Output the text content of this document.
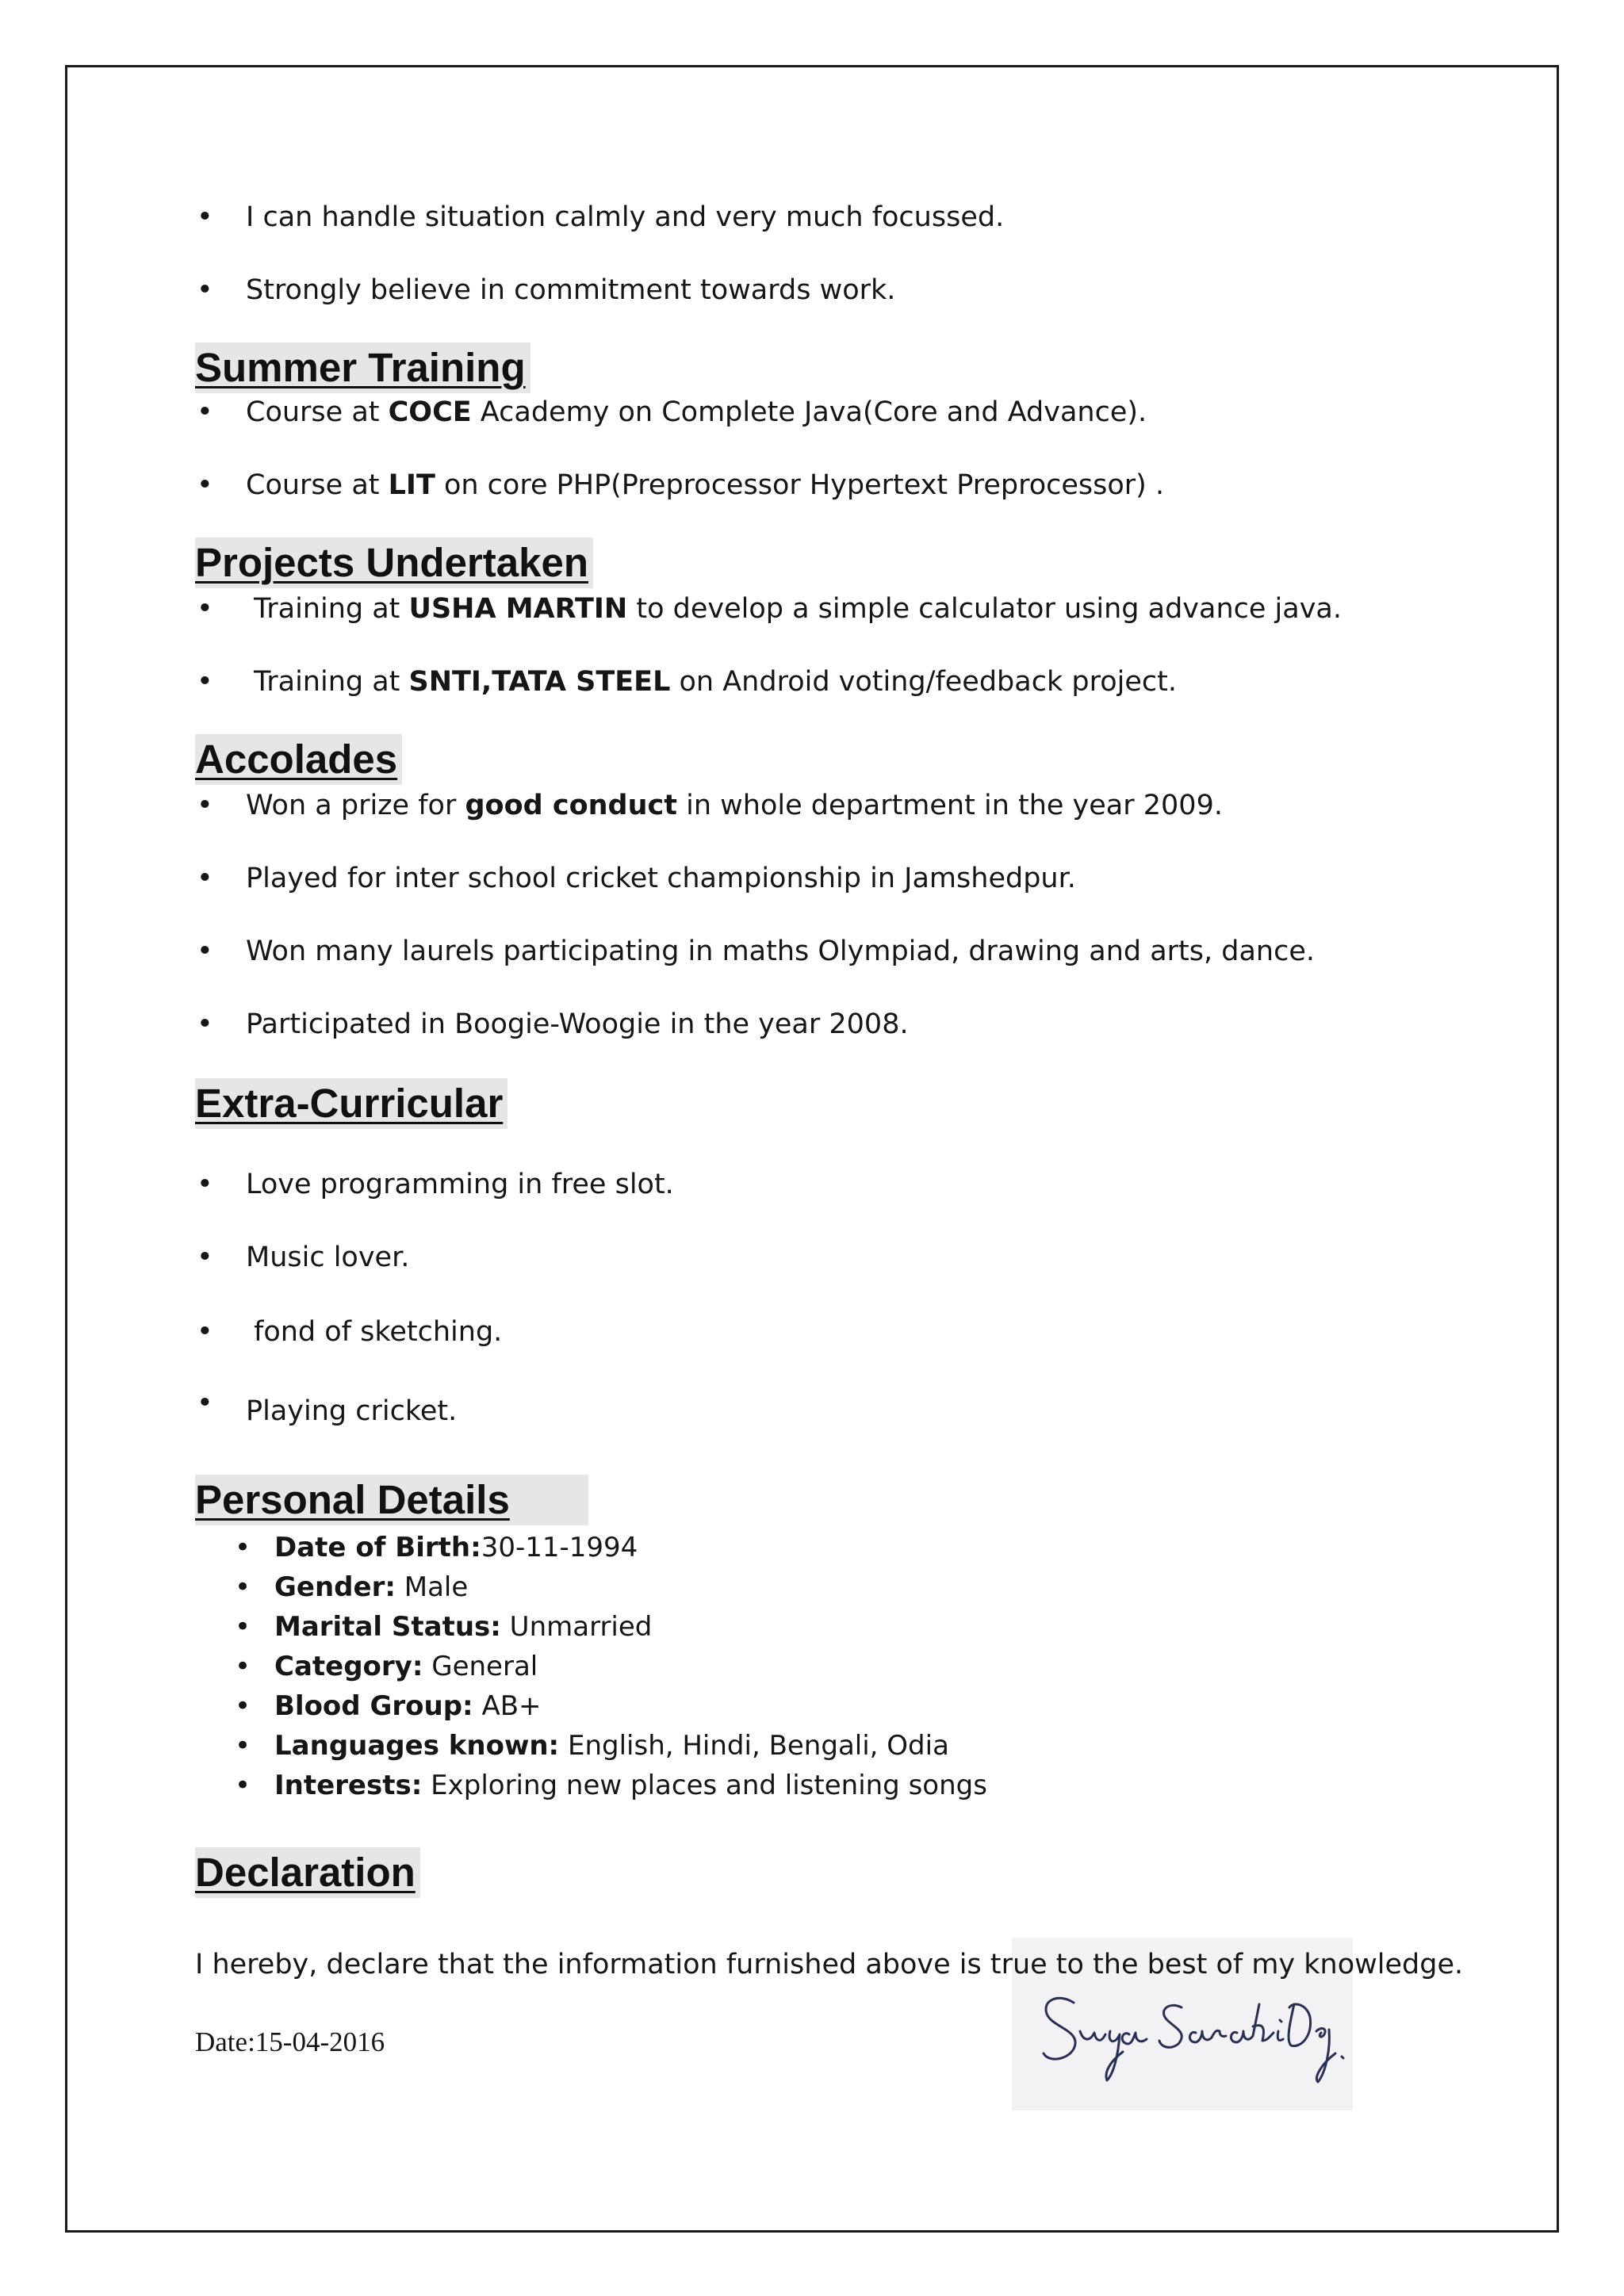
• I can handle situation calmly and very much focussed.
• Strongly believe in commitment towards work.
Summer Training
• Course at COCE Academy on Complete Java(Core and Advance).
• Course at LIT on core PHP(Preprocessor Hypertext Preprocessor) .
Projects Undertaken
• Training at USHA MARTIN to develop a simple calculator using advance java.
• Training at SNTI,TATA STEEL on Android voting/feedback project.
Accolades
• Won a prize for good conduct in whole department in the year 2009.
• Played for inter school cricket championship in Jamshedpur.
• Won many laurels participating in maths Olympiad, drawing and arts, dance.
• Participated in Boogie-Woogie in the year 2008.
Extra-Curricular
• Love programming in free slot.
• Music lover.
• fond of sketching.
• Playing cricket.
Personal Details
• Date of Birth:30-11-1994
• Gender: Male
• Marital Status: Unmarried
• Category: General
• Blood Group: AB+
• Languages known: English, Hindi, Bengali, Odia
• Interests: Exploring new places and listening songs
Declaration
I hereby, declare that the information furnished above is true to the best of my knowledge.
Date:15-04-2016
